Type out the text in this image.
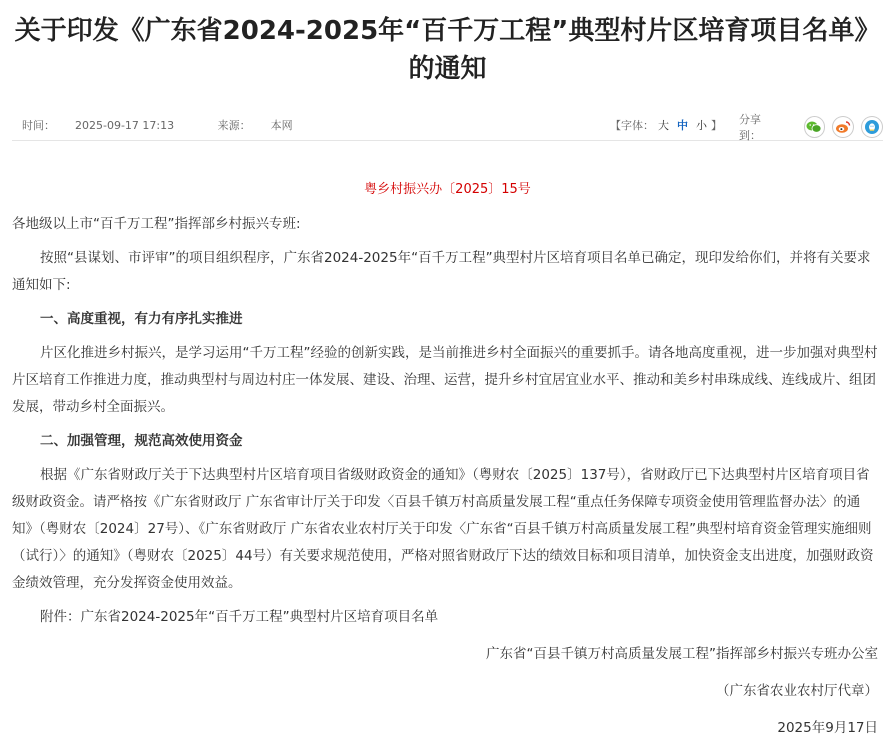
关于印发《广东省2024-2025年“百千万工程”典型村片区培育项目名单》
的通知
时间： 2025-09-17 17:13	来源： 本网	【字体： 大 中 小 】 分享到：
粤乡村振兴办〔2025〕15号

各地级以上市“百千万工程”指挥部乡村振兴专班:

按照“县谋划、市评审”的项目组织程序，广东省2024-2025年“百千万工程”典型村片区培育项目名单已确定，现印发给你们，并将有关要求通知如下:

一、高度重视，有力有序扎实推进

片区化推进乡村振兴，是学习运用“千万工程”经验的创新实践，是当前推进乡村全面振兴的重要抓手。请各地高度重视，进一步加强对典型村片区培育工作推进力度，推动典型村与周边村庄一体发展、建设、治理、运营，提升乡村宜居宜业水平、推动和美乡村串珠成线、连线成片、组团发展，带动乡村全面振兴。

二、加强管理，规范高效使用资金

根据《广东省财政厅关于下达典型村片区培育项目省级财政资金的通知》（粤财农〔2025〕137号），省财政厅已下达典型村片区培育项目省级财政资金。请严格按《广东省财政厅 广东省审计厅关于印发〈百县千镇万村高质量发展工程“重点任务保障专项资金使用管理监督办法〉的通知》（粤财农〔2024〕27号）、《广东省财政厅 广东省农业农村厅关于印发〈广东省“百县千镇万村高质量发展工程”典型村培育资金管理实施细则（试行）〉的通知》（粤财农〔2025〕44号）有关要求规范使用，严格对照省财政厅下达的绩效目标和项目清单，加快资金支出进度，加强财政资金绩效管理，充分发挥资金使用效益。

附件：广东省2024-2025年“百千万工程”典型村片区培育项目名单

广东省“百县千镇万村高质量发展工程”指挥部乡村振兴专班办公室

（广东省农业农村厅代章）

2025年9月17日
